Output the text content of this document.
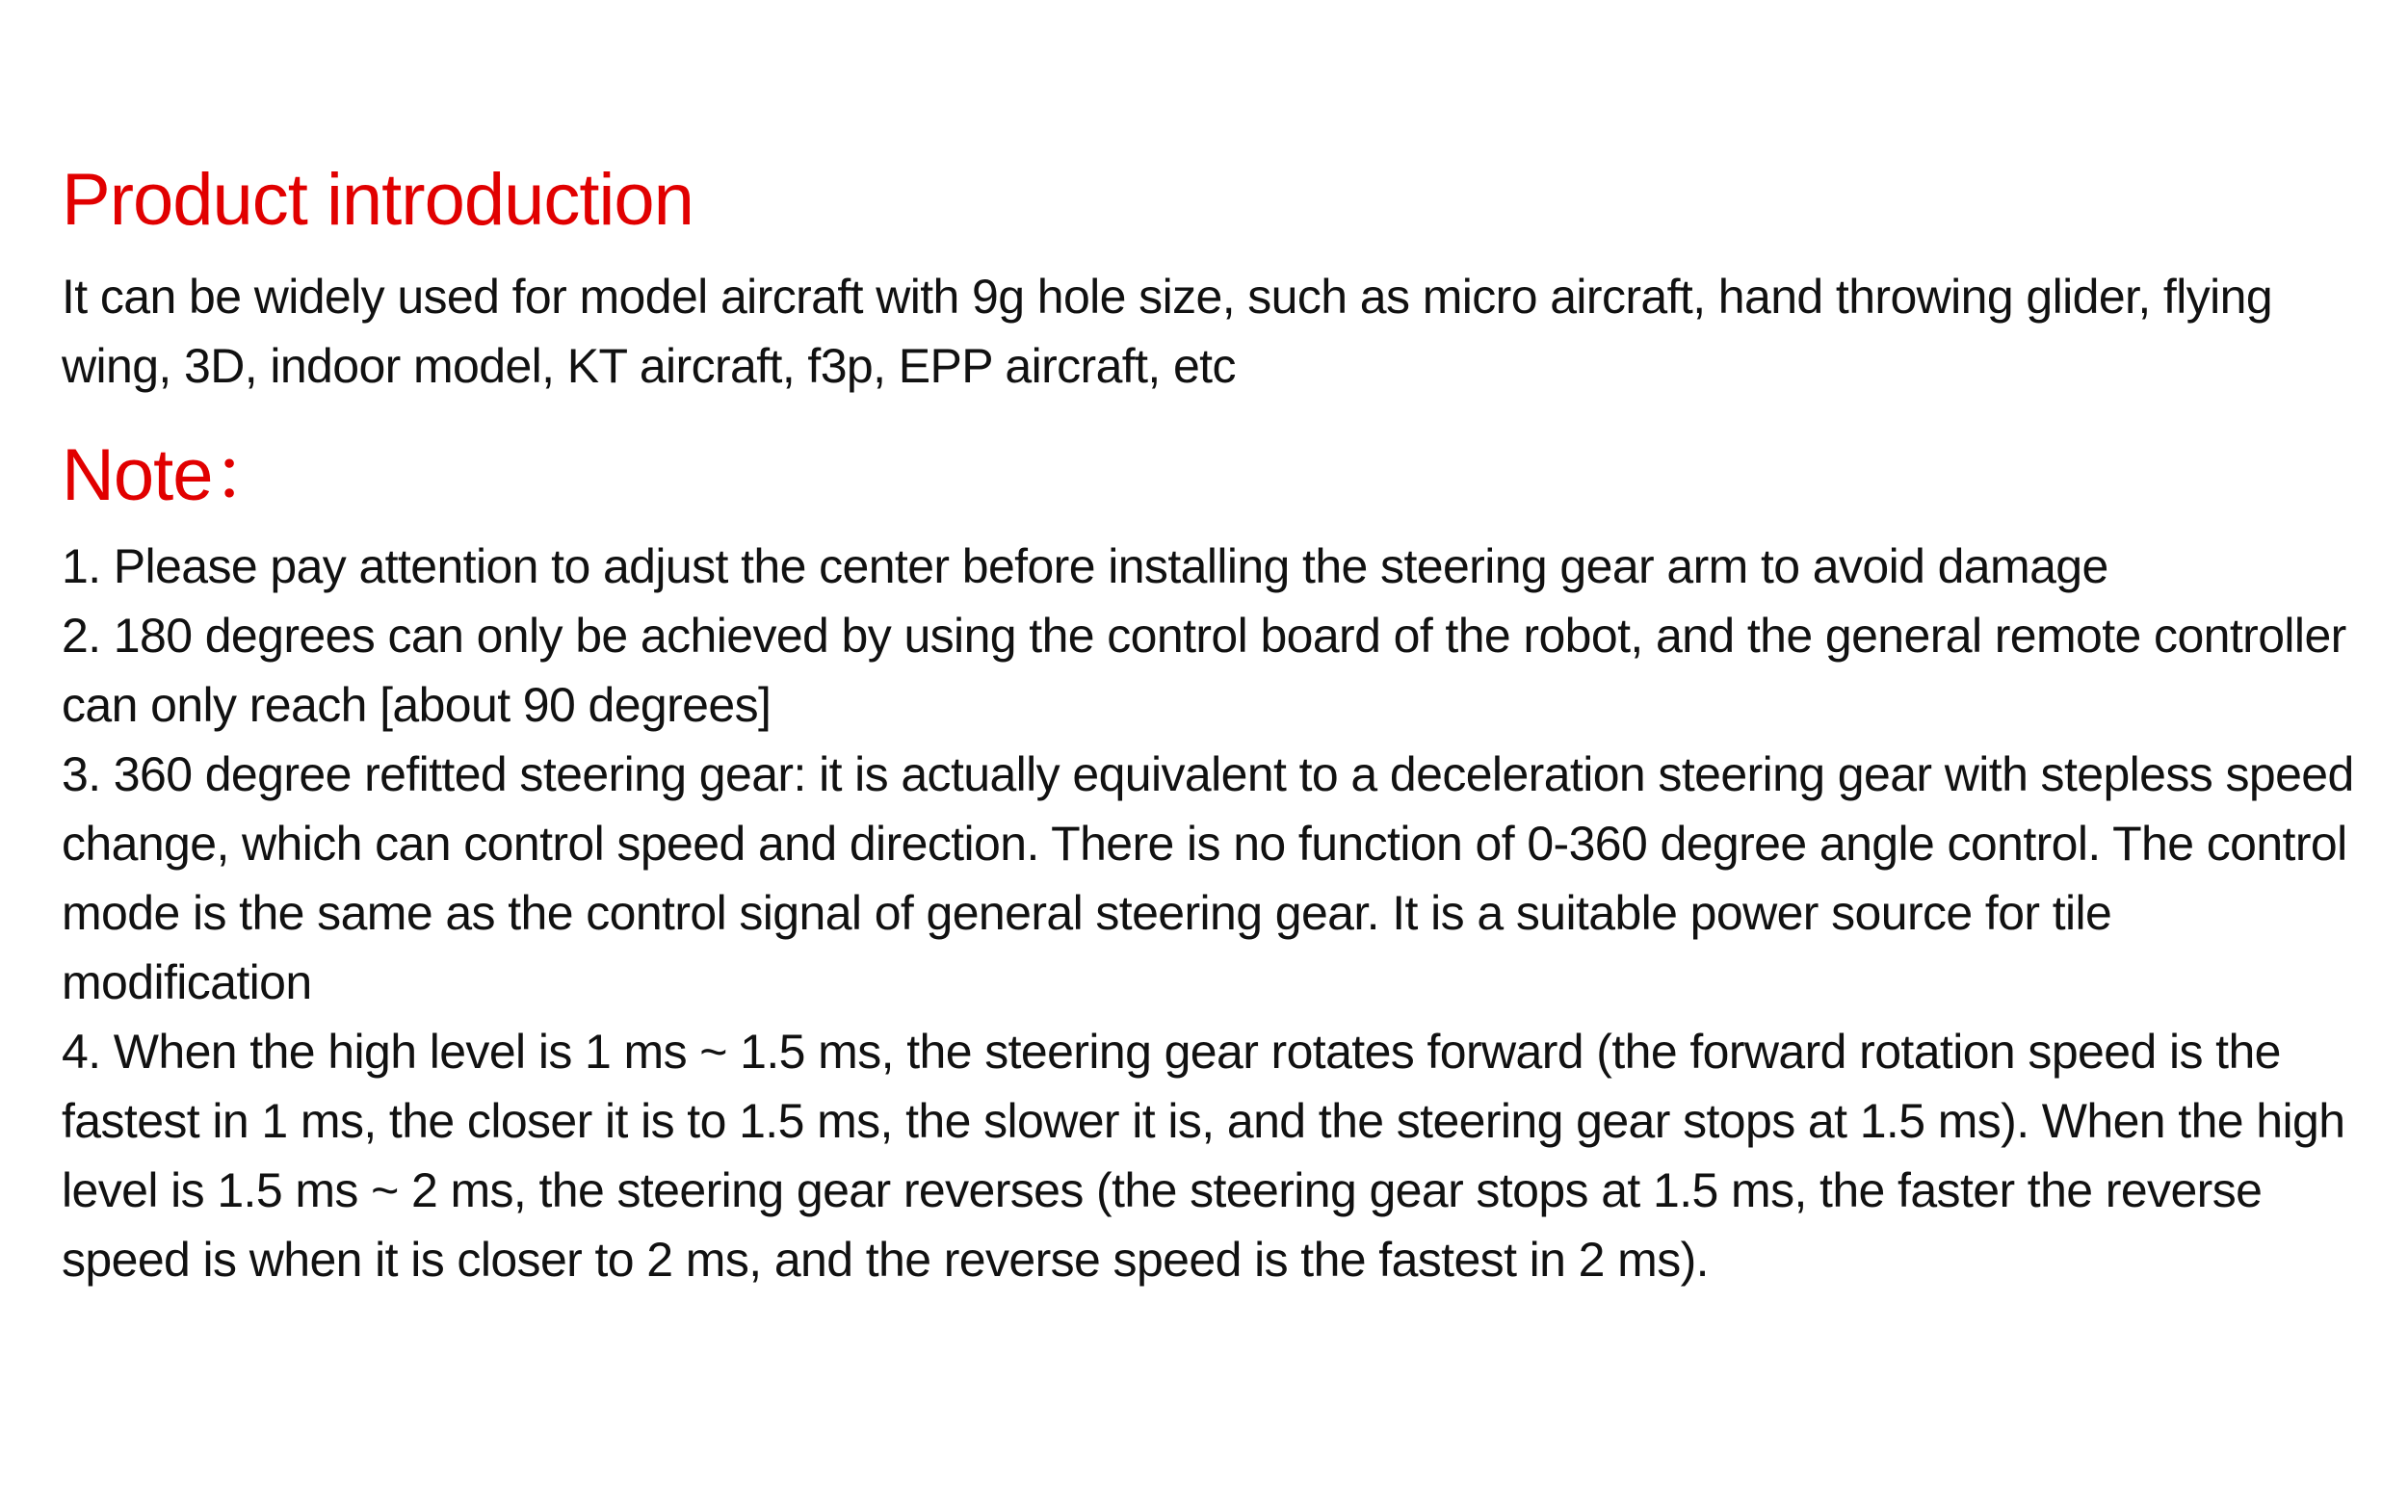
Product introduction

It can be widely used for model aircraft with 9g hole size, such as micro aircraft, hand throwing glider, flying wing, 3D, indoor model, KT aircraft, f3p, EPP aircraft, etc

Note：

1. Please pay attention to adjust the center before installing the steering gear arm to avoid damage

2. 180 degrees can only be achieved by using the control board of the robot, and the general remote controller can only reach [about 90 degrees]

3. 360 degree refitted steering gear: it is actually equivalent to a deceleration steering gear with stepless speed change, which can control speed and direction. There is no function of 0-360 degree angle control. The control mode is the same as the control signal of general steering gear. It is a suitable power source for tile modification

4. When the high level is 1 ms ~ 1.5 ms, the steering gear rotates forward (the forward rotation speed is the fastest in 1 ms, the closer it is to 1.5 ms, the slower it is, and the steering gear stops at 1.5 ms). When the high level is 1.5 ms ~ 2 ms, the steering gear reverses (the steering gear stops at 1.5 ms, the faster the reverse speed is when it is closer to 2 ms, and the reverse speed is the fastest in 2 ms).
